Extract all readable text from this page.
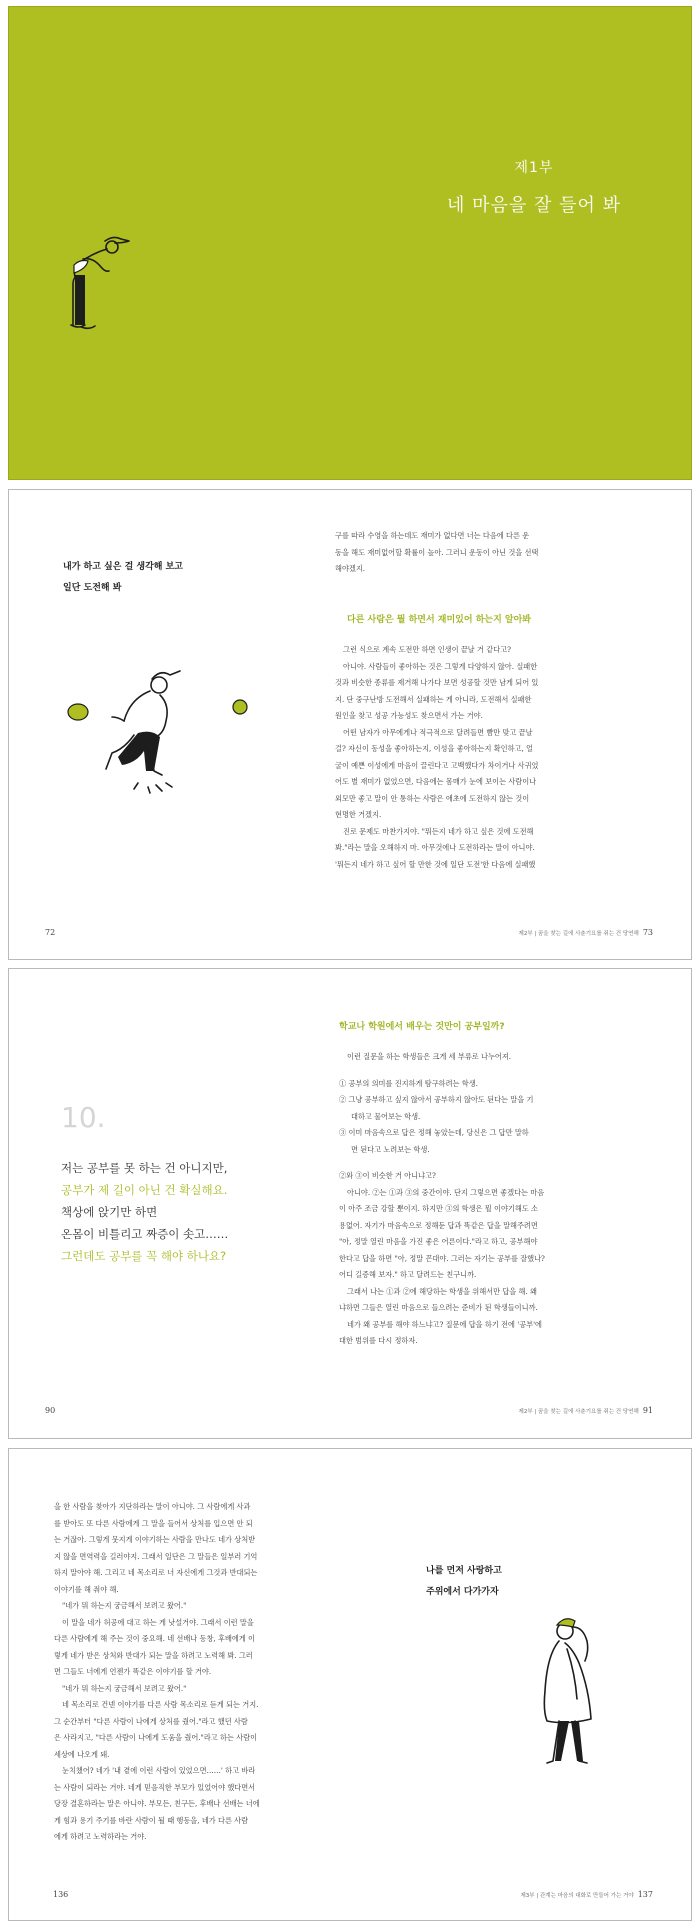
제1부
네 마음을 잘 들어 봐
내가 하고 싶은 걸 생각해 보고
일단 도전해 봐
72

구를 따라 수영을 하는데도 재미가 없다면 너는 다음에 다른 운

동을 해도 재미없어할 확률이 높아. 그러니 운동이 아닌 것을 선택

해야겠지.

다른 사람은 뭘 하면서 재미있어 하는지 알아봐

그런 식으로 계속 도전만 하면 인생이 끝날 거 같다고?

아니야. 사람들이 좋아하는 것은 그렇게 다양하지 않아. 실패한

것과 비슷한 종류를 제거해 나가다 보면 성공할 것만 남게 되어 있

지. 단 중구난방 도전해서 실패하는 게 아니라, 도전해서 실패한

원인을 찾고 성공 가능성도 찾으면서 가는 거야.

어떤 남자가 아무에게나 적극적으로 달려들면 뺨만 맞고 끝날

걸? 자신이 동성을 좋아하는지, 이성을 좋아하는지 확인하고, 얼

굴이 예쁜 이성에게 마음이 끌린다고 고백했다가 차이거나 사귀었

어도 별 재미가 없었으면, 다음에는 몸매가 눈에 보이는 사람이나

외모만 좋고 말이 안 통하는 사람은 애초에 도전하지 않는 것이

현명한 거겠지.

진로 문제도 마찬가지야. "뭐든지 네가 하고 싶은 것에 도전해

봐."라는 말을 오해하지 마. 아무것에나 도전하라는 말이 아니야.

'뭐든지 네가 하고 싶어 할 만한 것에 일단 도전'한 다음에 실패했

제2부 | 꿈을 찾는 길에 사춘기요를 쥐는 건 당연해 73
10.
저는 공부를 못 하는 건 아니지만,
공부가 제 길이 아닌 건 확실해요.
책상에 앉기만 하면
온몸이 비틀리고 짜증이 솟고……
그런데도 공부를 꼭 해야 하나요?
90
학교나 학원에서 배우는 것만이 공부일까?

이런 질문을 하는 학생들은 크게 세 부류로 나누어져.

① 공부의 의미를 진지하게 탐구하려는 학생.

② 그냥 공부하고 싶지 않아서 공부하지 않아도 된다는 말을 기

대하고 물어보는 학생.

③ 이미 마음속으로 답은 정해 놓았는데, 당신은 그 답만 말하

면 된다고 노려보는 학생.

②와 ③이 비슷한 거 아니냐고?

아니야. ②는 ①과 ③의 중간이야. 단지 그렇으면 좋겠다는 마음

이 아주 조금 강할 뿐이지. 하지만 ③의 학생은 뭘 이야기해도 소

용없어. 자기가 마음속으로 정해둔 답과 똑같은 답을 말해주려면

"아, 정말 열린 마음을 가진 좋은 어른이다."라고 하고, 공부해야

한다고 답을 하면 "아, 정말 꼰대야. 그러는 자기는 공부를 잘했나?

어디 길증해 보자." 하고 달려드는 친구니까.

그래서 나는 ①과 ②에 해당하는 학생을 위해서만 답을 해. 왜

냐하면 그들은 열린 마음으로 들으려는 준비가 된 학생들이니까.

네가 왜 공부를 해야 하느냐고? 질문에 답을 하기 전에 '공부'에

대한 범위를 다시 정하자.

제2부 | 꿈을 찾는 길에 사춘기요를 쥐는 건 당연해 91

을 한 사람을 찾아가 지단하라는 말이 아니야. 그 사람에게 사과

를 받아도 또 다른 사람에게 그 말을 들어서 상처를 입으면 안 되

는 거잖아. 그렇게 뭇지게 이야기하는 사람을 만나도 네가 상처받

지 않을 면역력을 길러야지. 그래서 일단은 그 말들은 일부러 기억

하지 말아야 해. 그리고 네 목소리로 너 자신에게 그것과 반대되는

이야기를 해 줘야 해.

"네가 뭐 하는지 궁금해서 보려고 왔어."

이 말을 네가 허공에 대고 하는 게 낫설거야. 그래서 이런 말을

다른 사람에게 해 주는 것이 중요해. 네 선배나 동창, 후배에게 이

렇게 네가 받은 상처와 반대가 되는 말을 하려고 노력해 봐. 그러

면 그들도 너에게 언젠가 똑같은 이야기를 할 거야.

"네가 뭐 하는지 궁금해서 보려고 왔어."

네 목소리로 건넨 이야기를 다른 사람 목소리로 듣게 되는 거지.

그 순간부터 "다른 사람이 나에게 상처를 줬어."라고 했던 사람

은 사라지고, "다른 사람이 나에게 도움을 줬어."라고 하는 사람이

세상에 나오게 돼.

눈치챘어? 네가 '내 곁에 이런 사람이 있었으면……' 하고 바라

는 사람이 되라는 거야. 네게 믿음직한 부모가 있었어야 했다면서

당장 결혼하라는 말은 아니야. 부모든, 친구든, 후배나 선배는 너에

게 힘과 용기 주기를 바란 사람이 될 때 행동을, 네가 다른 사람

에게 하려고 노력하라는 거야.

136
나를 먼저 사랑하고
주위에서 다가가자
제3부 | 관계는 마음의 대화로 만들어 가는 거야 137
